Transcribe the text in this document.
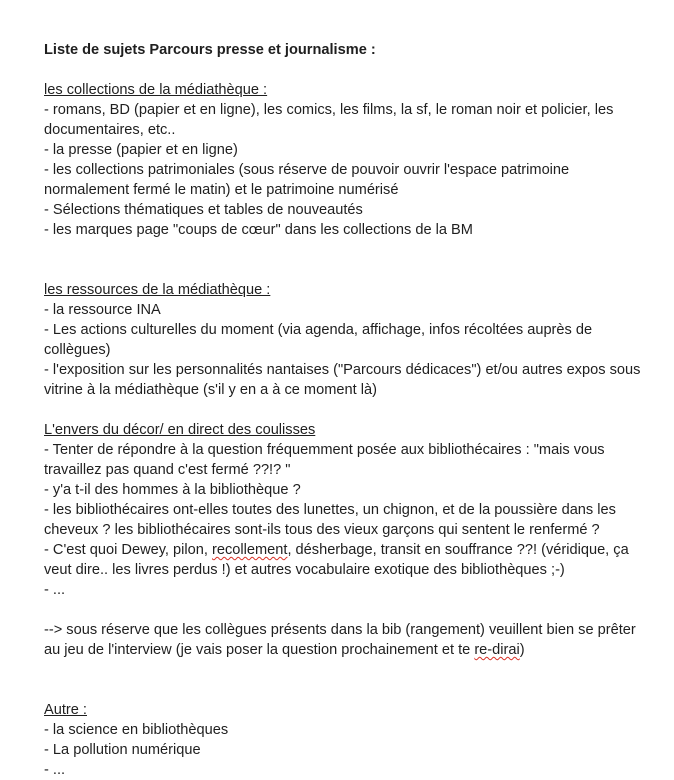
Liste de sujets Parcours presse et journalisme :

les collections de la médiathèque :

- romans, BD (papier et en ligne), les comics, les films, la sf, le roman noir et policier, les documentaires, etc..

- la presse (papier et en ligne)

- les collections patrimoniales (sous réserve de pouvoir ouvrir l'espace patrimoine normalement fermé le matin) et le patrimoine numérisé

- Sélections thématiques et tables de nouveautés

- les marques page "coups de cœur" dans les collections de la BM

les ressources de la médiathèque :

- la ressource INA

- Les actions culturelles du moment (via agenda, affichage, infos récoltées auprès de collègues)

- l'exposition sur les personnalités nantaises ("Parcours dédicaces") et/ou autres expos sous vitrine à la médiathèque (s'il y en a à ce moment là)

L'envers du décor/ en direct des coulisses

- Tenter de répondre à la question fréquemment posée aux bibliothécaires : "mais vous travaillez pas quand c'est fermé ??!? "

- y'a t-il des hommes à la bibliothèque ?

- les bibliothécaires ont-elles toutes des lunettes, un chignon, et de la poussière dans les cheveux ? les bibliothécaires sont-ils tous des vieux garçons qui sentent le renfermé ?

- C'est quoi Dewey, pilon, recollement, désherbage, transit en souffrance ??! (véridique, ça veut dire.. les livres perdus !) et autres vocabulaire exotique des bibliothèques ;-)

- ...

--> sous réserve que les collègues présents dans la bib (rangement) veuillent bien se prêter au jeu de l'interview (je vais poser la question prochainement et te re-dirai)

Autre :

- la science en bibliothèques

- La pollution numérique

- ...
